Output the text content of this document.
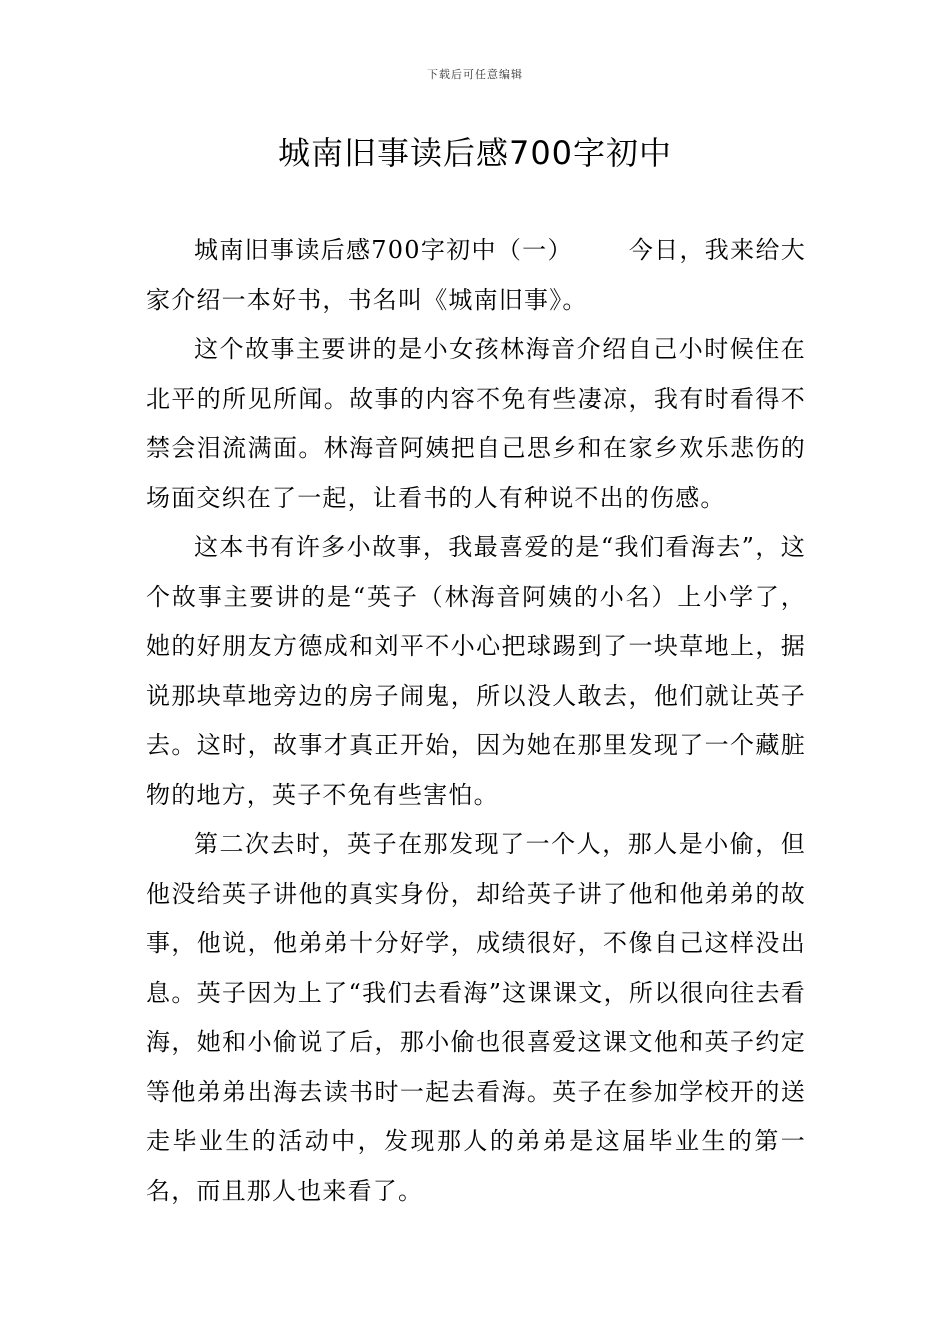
下载后可任意编辑
城南旧事读后感700字初中

城南旧事读后感700字初中（一） 今日，我来给大家介绍一本好书，书名叫《城南旧事》。

这个故事主要讲的是小女孩林海音介绍自己小时候住在北平的所见所闻。故事的内容不免有些凄凉，我有时看得不禁会泪流满面。林海音阿姨把自己思乡和在家乡欢乐悲伤的场面交织在了一起，让看书的人有种说不出的伤感。

这本书有许多小故事，我最喜爱的是“我们看海去”，这个故事主要讲的是“英子（林海音阿姨的小名）上小学了，她的好朋友方德成和刘平不小心把球踢到了一块草地上，据说那块草地旁边的房子闹鬼，所以没人敢去，他们就让英子去。这时，故事才真正开始，因为她在那里发现了一个藏脏物的地方，英子不免有些害怕。

第二次去时，英子在那发现了一个人，那人是小偷，但他没给英子讲他的真实身份，却给英子讲了他和他弟弟的故事，他说，他弟弟十分好学，成绩很好，不像自己这样没出息。英子因为上了“我们去看海”这课课文，所以很向往去看海，她和小偷说了后，那小偷也很喜爱这课文他和英子约定等他弟弟出海去读书时一起去看海。英子在参加学校开的送走毕业生的活动中，发现那人的弟弟是这届毕业生的第一名，而且那人也来看了。
